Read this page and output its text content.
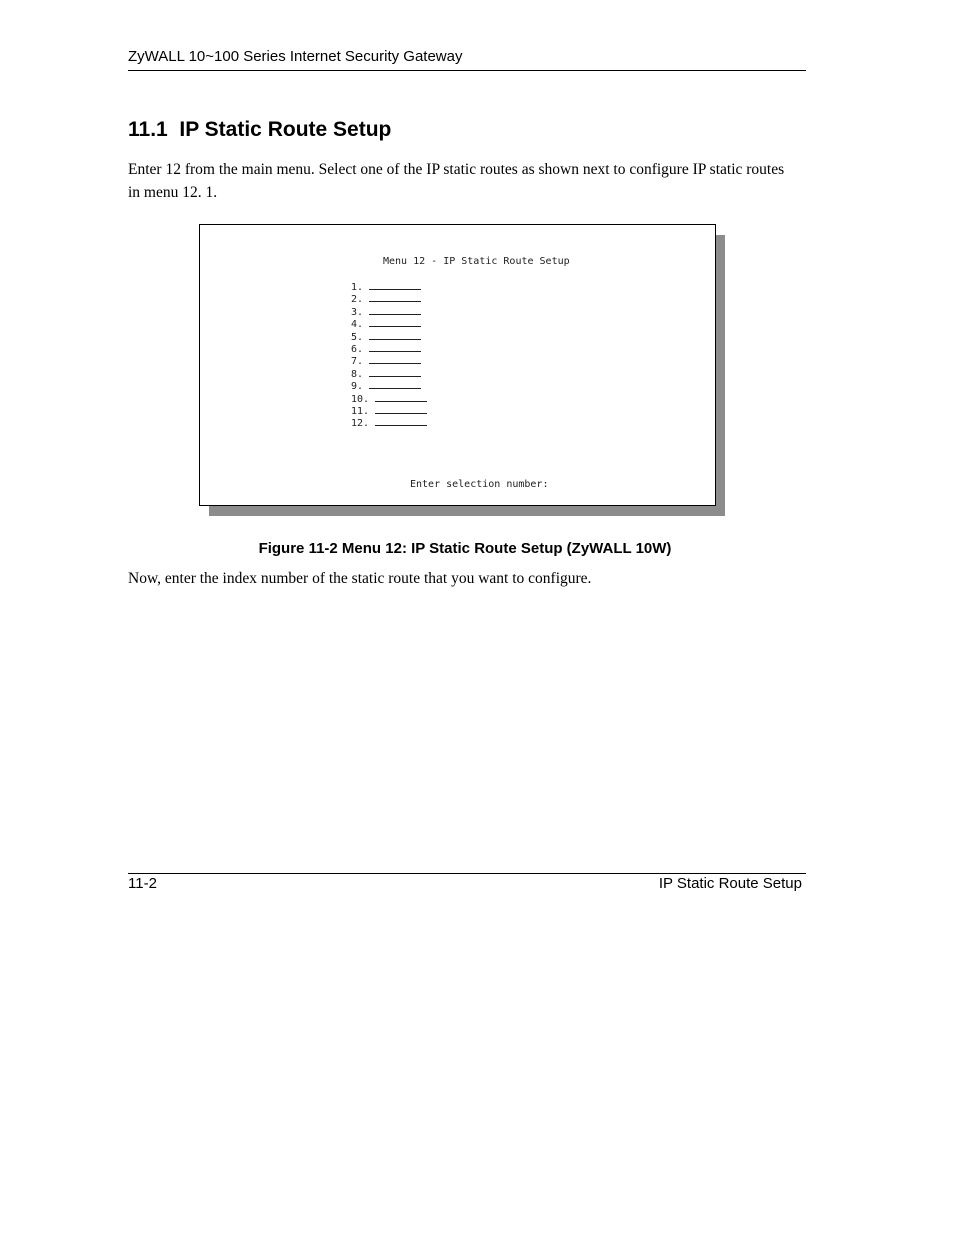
ZyWALL 10~100 Series Internet Security Gateway
11.1  IP Static Route Setup

Enter 12 from the main menu. Select one of the IP static routes as shown next to configure IP static routes in menu 12. 1.

Menu 12 - IP Static Route Setup
1.
2.
3.
4.
5.
6.
7.
8.
9.
10.
11.
12.
Enter selection number:
Figure 11-2 Menu 12: IP Static Route Setup (ZyWALL 10W)

Now, enter the index number of the static route that you want to configure.

11-2	IP Static Route Setup
